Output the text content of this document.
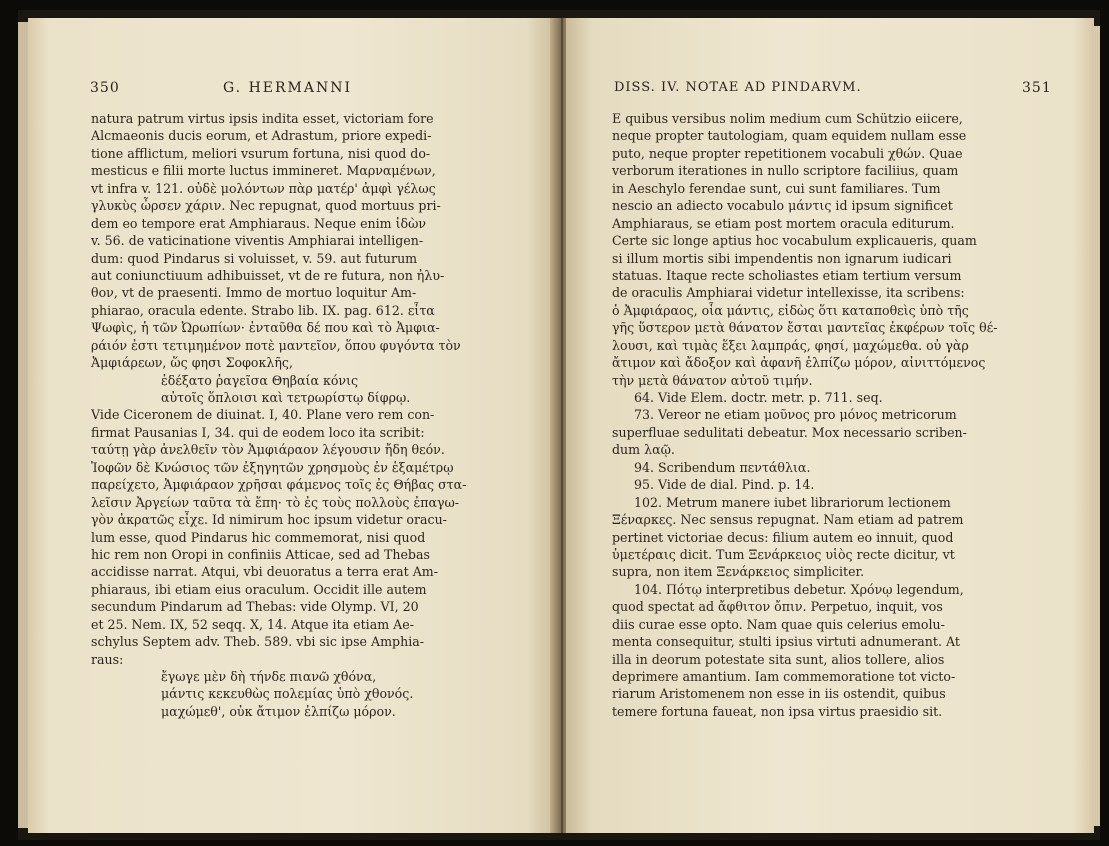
350	G. HERMANNI
natura patrum virtus ipsis indita esset, victoriam fore
Alcmaeonis ducis eorum, et Adrastum, priore expedi-
tione afflictum, meliori vsurum fortuna, nisi quod do-
mesticus e filii morte luctus immineret. Μαρναμένων,
vt infra v. 121. οὐδὲ μολόντων πὰρ ματέρ' ἀμφὶ γέλως
γλυκὺς ὦρσεν χάριν. Nec repugnat, quod mortuus pri-
dem eo tempore erat Amphiaraus. Neque enim ἰδὼν
v. 56. de vaticinatione viventis Amphiarai intelligen-
dum: quod Pindarus si voluisset, v. 59. aut futurum
aut coniunctiuum adhibuisset, vt de re futura, non ἠλυ-
θον, vt de praesenti. Immo de mortuo loquitur Am-
phiarao, oracula edente. Strabo lib. IX. pag. 612. εἶτα
Ψωφὶς, ἡ τῶν Ὠρωπίων· ἐνταῦθα δέ που καὶ τὸ Ἀμφια-
ράιόν ἐστι τετιμημένον ποτὲ μαντεῖον, ὅπου φυγόντα τὸν
Ἀμφιάρεων, ὥς φησι Σοφοκλῆς,
ἐδέξατο ῥαγεῖσα Θηβαία κόνις
αὐτοῖς ὅπλοισι καὶ τετρωρίστῳ δίφρῳ.
Vide Ciceronem de diuinat. I, 40. Plane vero rem con-
firmat Pausanias I, 34. qui de eodem loco ita scribit:
ταύτῃ γὰρ ἀνελθεῖν τὸν Ἀμφιάραον λέγουσιν ἤδη θεόν.
Ἰοφῶν δὲ Κνώσιος τῶν ἐξηγητῶν χρησμοὺς ἐν ἑξαμέτρῳ
παρείχετο, Ἀμφιάραον χρῆσαι φάμενος τοῖς ἐς Θήβας στα-
λεῖσιν Ἀργείων ταῦτα τὰ ἔπη· τὸ ἐς τοὺς πολλοὺς ἐπαγω-
γὸν ἀκρατῶς εἶχε. Id nimirum hoc ipsum videtur oracu-
lum esse, quod Pindarus hic commemorat, nisi quod
hic rem non Oropi in confiniis Atticae, sed ad Thebas
accidisse narrat. Atqui, vbi deuoratus a terra erat Am-
phiaraus, ibi etiam eius oraculum. Occidit ille autem
secundum Pindarum ad Thebas: vide Olymp. VI, 20
et 25. Nem. IX, 52 seqq. X, 14. Atque ita etiam Ae-
schylus Septem adv. Theb. 589. vbi sic ipse Amphia-
raus:
ἔγωγε μὲν δὴ τήνδε πιανῶ χθόνα,
μάντις κεκευθὼς πολεμίας ὑπὸ χθονός.
μαχώμεθ', οὐκ ἄτιμον ἐλπίζω μόρον.
DISS. IV. NOTAE AD PINDARVM.	351
E quibus versibus nolim medium cum Schützio eiicere,
neque propter tautologiam, quam equidem nullam esse
puto, neque propter repetitionem vocabuli χθών. Quae
verborum iterationes in nullo scriptore faciliius, quam
in Aeschylo ferendae sunt, cui sunt familiares. Tum
nescio an adiecto vocabulo μάντις id ipsum significet
Amphiaraus, se etiam post mortem oracula editurum.
Certe sic longe aptius hoc vocabulum explicaueris, quam
si illum mortis sibi impendentis non ignarum iudicari
statuas. Itaque recte scholiastes etiam tertium versum
de oraculis Amphiarai videtur intellexisse, ita scribens:
ὁ Ἀμφιάραος, οἷα μάντις, εἰδὼς ὅτι καταποθεὶς ὑπὸ τῆς
γῆς ὕστερον μετὰ θάνατον ἔσται μαντεῖας ἐκφέρων τοῖς θέ-
λουσι, καὶ τιμὰς ἕξει λαμπράς, φησί, μαχώμεθα. οὐ γὰρ
ἄτιμον καὶ ἄδοξον καὶ ἀφανῆ ἐλπίζω μόρον, αἰνιττόμενος
τὴν μετὰ θάνατον αὐτοῦ τιμήν.
64. Vide Elem. doctr. metr. p. 711. seq.
73. Vereor ne etiam μοῦνος pro μόνος metricorum
superfluae sedulitati debeatur. Mox necessario scriben-
dum λαῷ.
94. Scribendum πεντάθλια.
95. Vide de dial. Pind. p. 14.
102. Metrum manere iubet librariorum lectionem
Ξέναρκες. Nec sensus repugnat. Nam etiam ad patrem
pertinet victoriae decus: filium autem eo innuit, quod
ὑμετέραις dicit. Tum Ξενάρκειος υἱὸς recte dicitur, vt
supra, non item Ξενάρκειος simpliciter.
104. Πότῳ interpretibus debetur. Χρόνῳ legendum,
quod spectat ad ἄφθιτον ὄπιν. Perpetuo, inquit, vos
diis curae esse opto. Nam quae quis celerius emolu-
menta consequitur, stulti ipsius virtuti adnumerant. At
illa in deorum potestate sita sunt, alios tollere, alios
deprimere amantium. Iam commemoratione tot victo-
riarum Aristomenem non esse in iis ostendit, quibus
temere fortuna faueat, non ipsa virtus praesidio sit.
